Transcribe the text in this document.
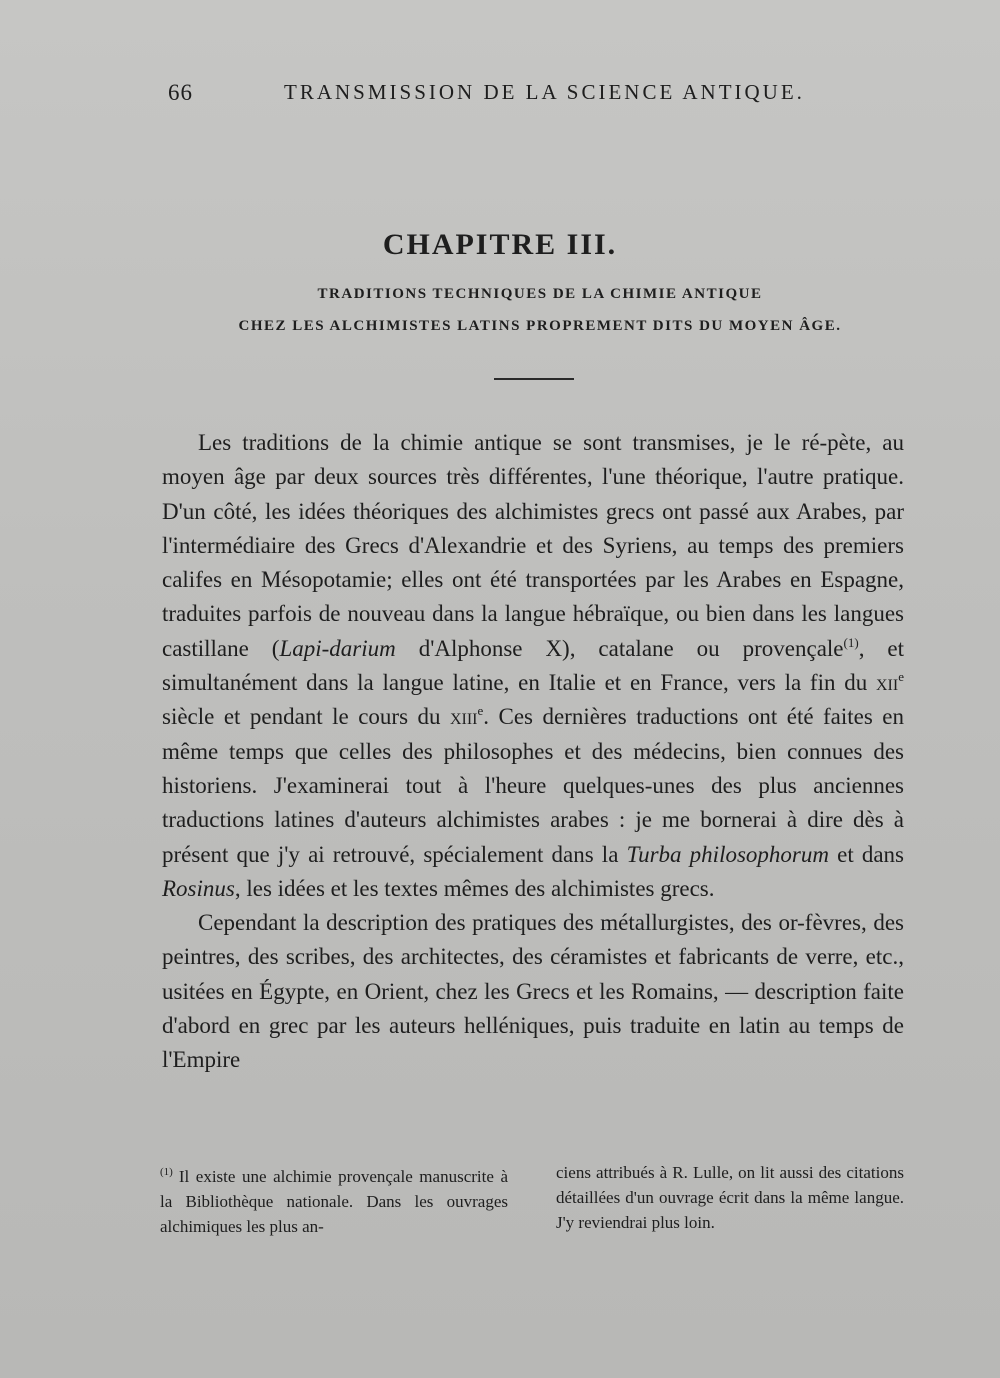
66	TRANSMISSION DE LA SCIENCE ANTIQUE.
CHAPITRE III.
TRADITIONS TECHNIQUES DE LA CHIMIE ANTIQUE
CHEZ LES ALCHIMISTES LATINS PROPREMENT DITS DU MOYEN ÂGE.

Les traditions de la chimie antique se sont transmises, je le ré-pète, au moyen âge par deux sources très différentes, l'une théorique, l'autre pratique. D'un côté, les idées théoriques des alchimistes grecs ont passé aux Arabes, par l'intermédiaire des Grecs d'Alexandrie et des Syriens, au temps des premiers califes en Mésopotamie; elles ont été transportées par les Arabes en Espagne, traduites parfois de nouveau dans la langue hébraïque, ou bien dans les langues castillane (Lapi-darium d'Alphonse X), catalane ou provençale$^{(1)}$, et simultanément dans la langue latine, en Italie et en France, vers la fin du xii$^e$ siècle et pendant le cours du xiii$^e$. Ces dernières traductions ont été faites en même temps que celles des philosophes et des médecins, bien connues des historiens. J'examinerai tout à l'heure quelques-unes des plus anciennes traductions latines d'auteurs alchimistes arabes : je me bornerai à dire dès à présent que j'y ai retrouvé, spécialement dans la Turba philosophorum et dans Rosinus, les idées et les textes mêmes des alchimistes grecs.

Cependant la description des pratiques des métallurgistes, des or-fèvres, des peintres, des scribes, des architectes, des céramistes et fabricants de verre, etc., usitées en Égypte, en Orient, chez les Grecs et les Romains, — description faite d'abord en grec par les auteurs helléniques, puis traduite en latin au temps de l'Empire

$^{(1)}$ Il existe une alchimie provençale manuscrite à la Bibliothèque nationale. Dans les ouvrages alchimiques les plus an-
ciens attribués à R. Lulle, on lit aussi des citations détaillées d'un ouvrage écrit dans la même langue. J'y reviendrai plus loin.
